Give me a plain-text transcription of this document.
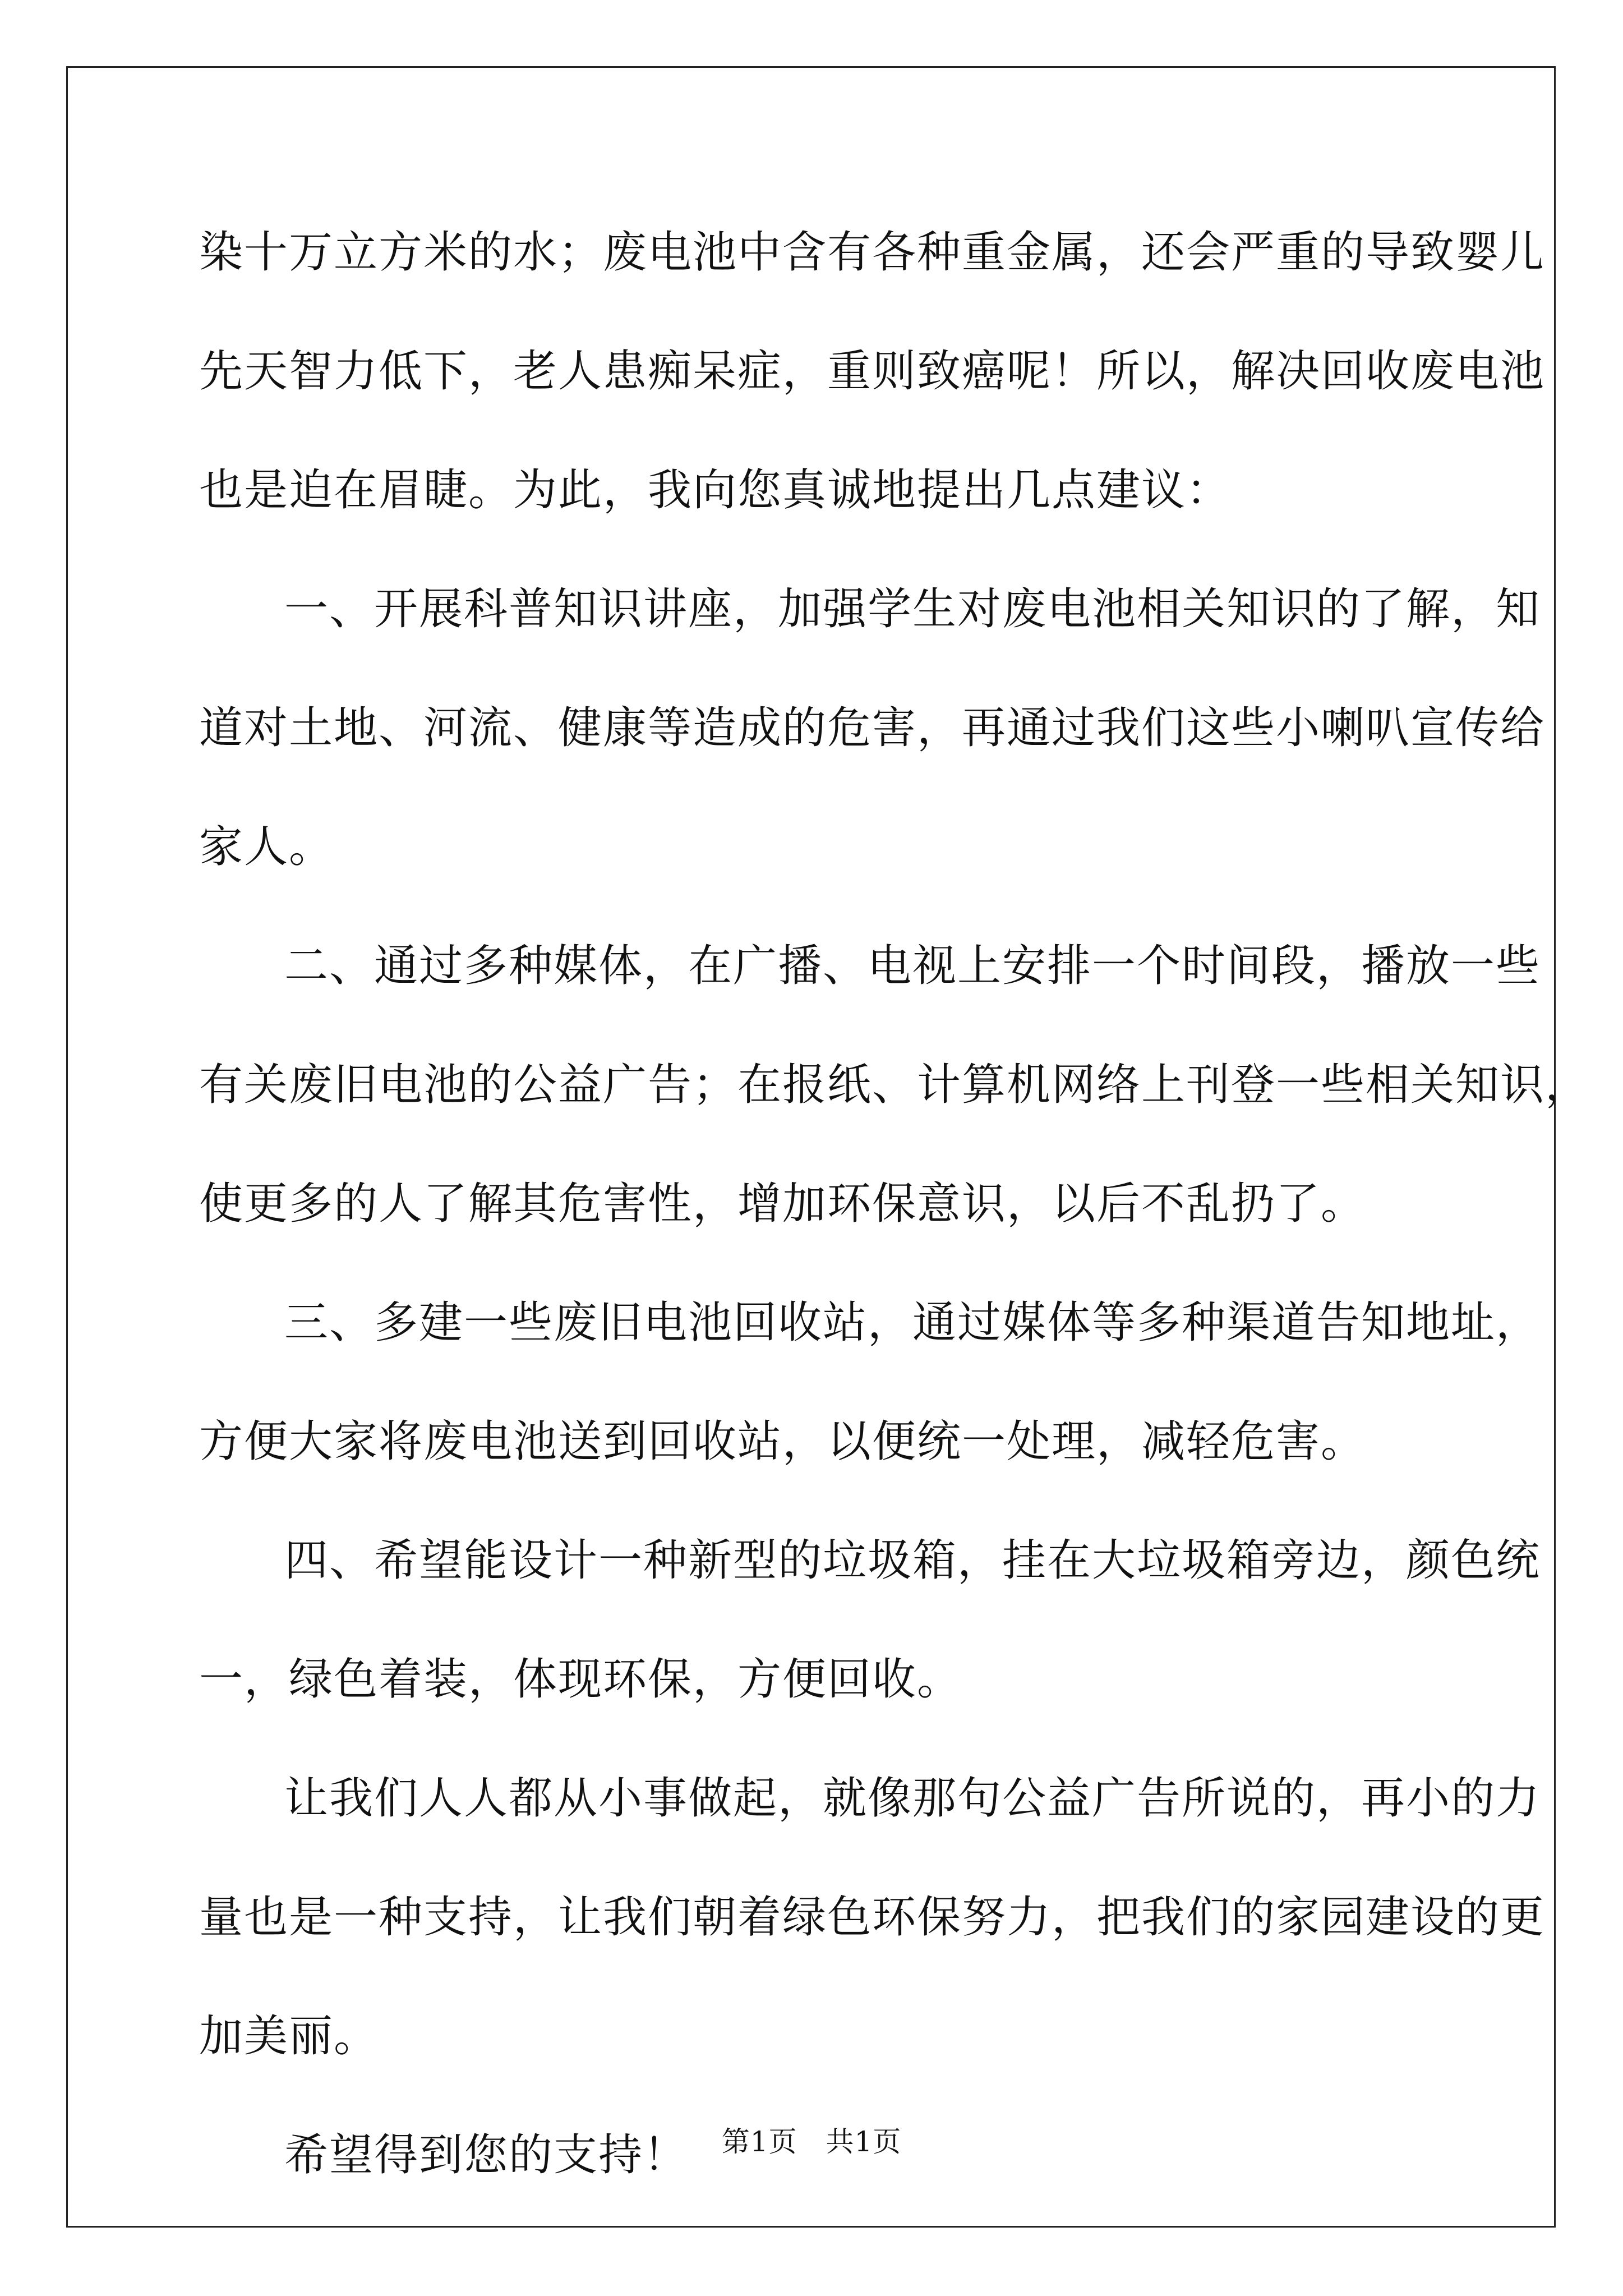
染十万立方米的水；废电池中含有各种重金属，还会严重的导致婴儿
先天智力低下，老人患痴呆症，重则致癌呢！所以，解决回收废电池
也是迫在眉睫。为此，我向您真诚地提出几点建议：
一、开展科普知识讲座，加强学生对废电池相关知识的了解，知
道对土地、河流、健康等造成的危害，再通过我们这些小喇叭宣传给
家人。
二、通过多种媒体，在广播、电视上安排一个时间段，播放一些
有关废旧电池的公益广告；在报纸、计算机网络上刊登一些相关知识，
使更多的人了解其危害性，增加环保意识，以后不乱扔了。
三、多建一些废旧电池回收站，通过媒体等多种渠道告知地址，
方便大家将废电池送到回收站，以便统一处理，减轻危害。
四、希望能设计一种新型的垃圾箱，挂在大垃圾箱旁边，颜色统
一，绿色着装，体现环保，方便回收。
让我们人人都从小事做起，就像那句公益广告所说的，再小的力
量也是一种支持，让我们朝着绿色环保努力，把我们的家园建设的更
加美丽。
希望得到您的支持！	第1页　共1页
